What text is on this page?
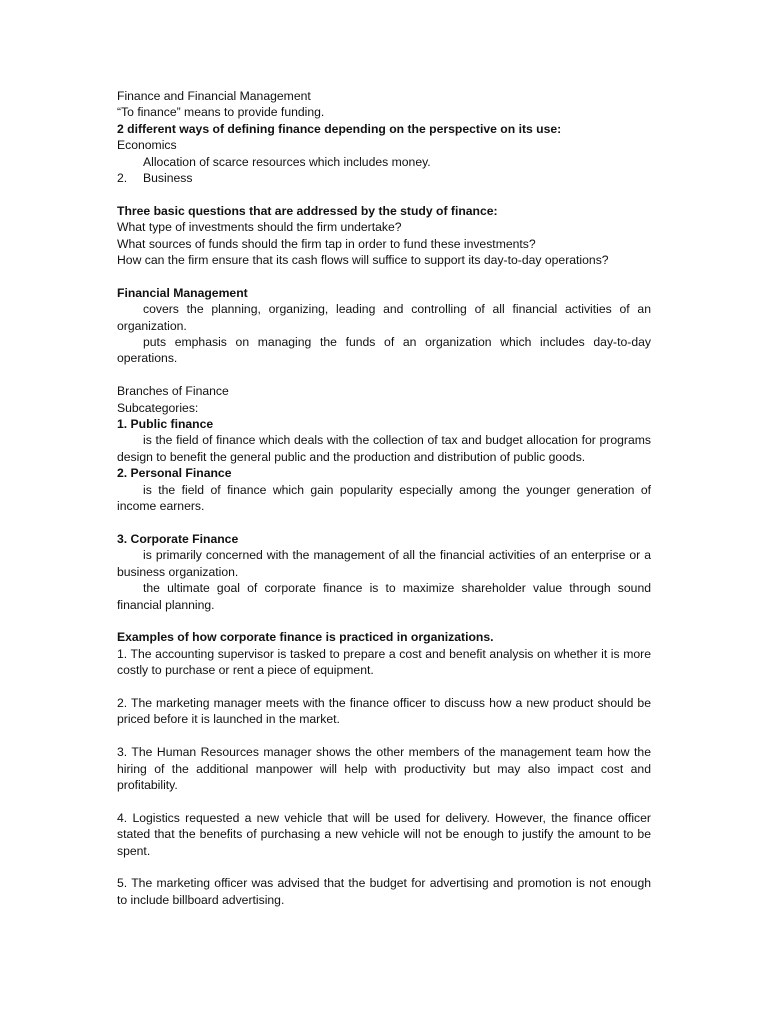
Finance and Financial Management
“To finance” means to provide funding.
2 different ways of defining finance depending on the perspective on its use:
Economics
Allocation of scarce resources which includes money.
2. Business
Three basic questions that are addressed by the study of finance:
What type of investments should the firm undertake?
What sources of funds should the firm tap in order to fund these investments?
How can the firm ensure that its cash flows will suffice to support its day-to-day operations?
Financial Management
covers the planning, organizing, leading and controlling of all financial activities of an organization.
puts emphasis on managing the funds of an organization which includes day-to-day operations.
Branches of Finance
Subcategories:
1. Public finance
is the field of finance which deals with the collection of tax and budget allocation for programs design to benefit the general public and the production and distribution of public goods.
2. Personal Finance
is the field of finance which gain popularity especially among the younger generation of income earners.
3. Corporate Finance
is primarily concerned with the management of all the financial activities of an enterprise or a business organization.
the ultimate goal of corporate finance is to maximize shareholder value through sound financial planning.
Examples of how corporate finance is practiced in organizations.
1. The accounting supervisor is tasked to prepare a cost and benefit analysis on whether it is more costly to purchase or rent a piece of equipment.
2. The marketing manager meets with the finance officer to discuss how a new product should be priced before it is launched in the market.
3. The Human Resources manager shows the other members of the management team how the hiring of the additional manpower will help with productivity but may also impact cost and profitability.
4. Logistics requested a new vehicle that will be used for delivery. However, the finance officer stated that the benefits of purchasing a new vehicle will not be enough to justify the amount to be spent.
5. The marketing officer was advised that the budget for advertising and promotion is not enough to include billboard advertising.
